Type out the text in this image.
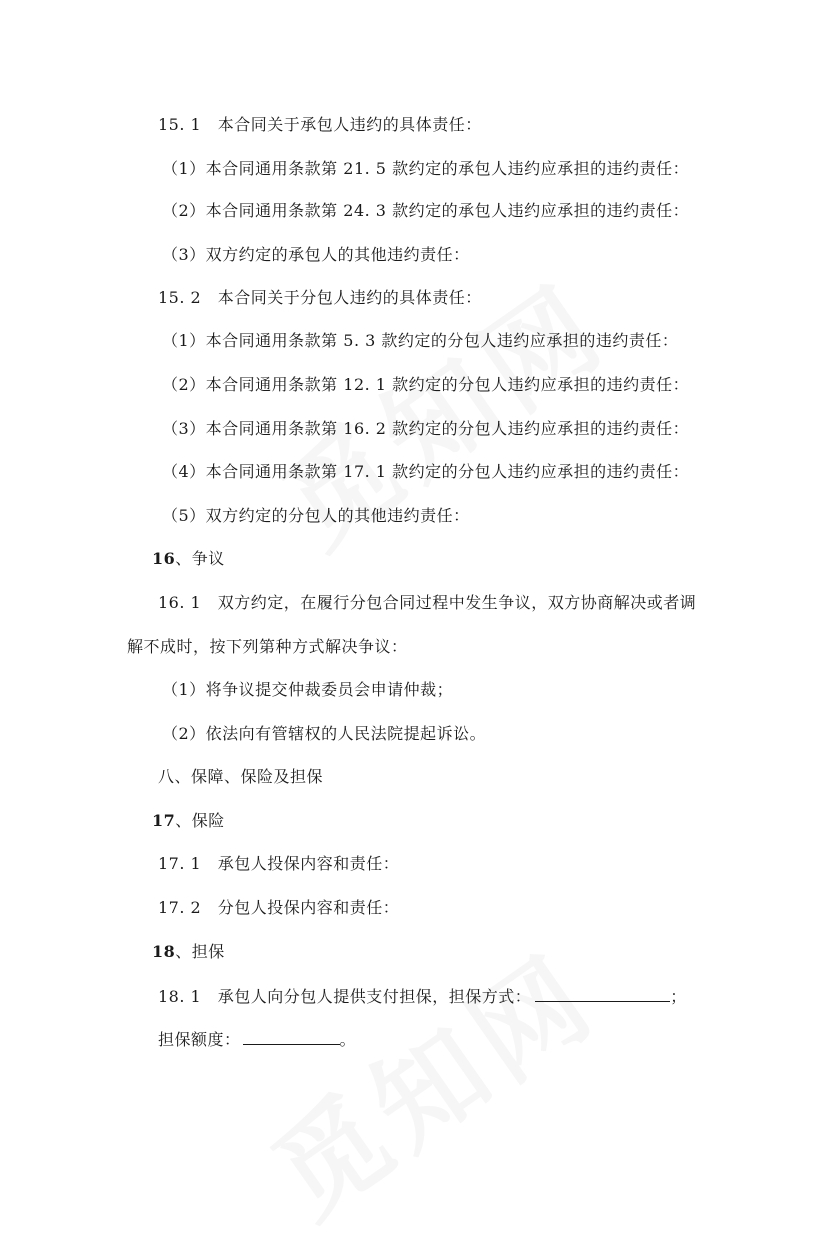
15. 1　本合同关于承包人违约的具体责任：
（1）本合同通用条款第 21. 5 款约定的承包人违约应承担的违约责任：
（2）本合同通用条款第 24. 3 款约定的承包人违约应承担的违约责任：
（3）双方约定的承包人的其他违约责任：
15. 2　本合同关于分包人违约的具体责任：
（1）本合同通用条款第 5. 3 款约定的分包人违约应承担的违约责任：
（2）本合同通用条款第 12. 1 款约定的分包人违约应承担的违约责任：
（3）本合同通用条款第 16. 2 款约定的分包人违约应承担的违约责任：
（4）本合同通用条款第 17. 1 款约定的分包人违约应承担的违约责任：
（5）双方约定的分包人的其他违约责任：
16、争议
16. 1　双方约定，在履行分包合同过程中发生争议，双方协商解决或者调
解不成时，按下列第种方式解决争议：
（1）将争议提交仲裁委员会申请仲裁；
（2）依法向有管辖权的人民法院提起诉讼。
八、保障、保险及担保
17、保险
17. 1　承包人投保内容和责任：
17. 2　分包人投保内容和责任：
18、担保
18. 1　承包人向分包人提供支付担保，担保方式：	；
担保额度：	。
